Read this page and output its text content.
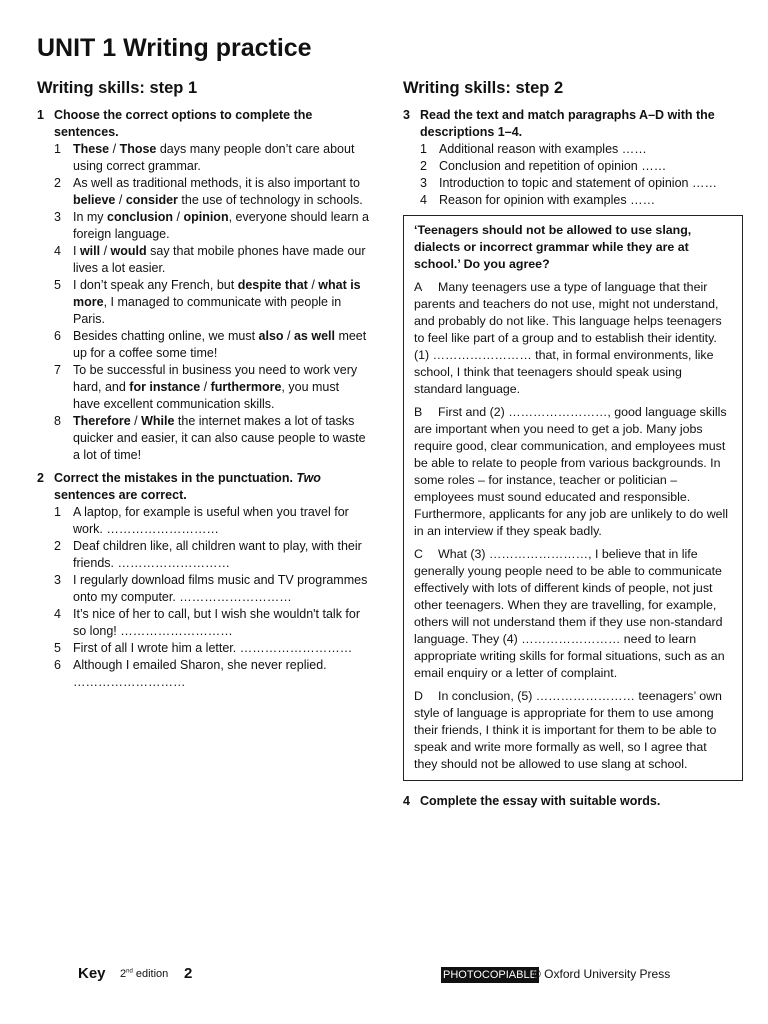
UNIT 1 Writing practice
Writing skills: step 1
1 Choose the correct options to complete the sentences.
1 These / Those days many people don’t care about using correct grammar.
2 As well as traditional methods, it is also important to believe / consider the use of technology in schools.
3 In my conclusion / opinion, everyone should learn a foreign language.
4 I will / would say that mobile phones have made our lives a lot easier.
5 I don’t speak any French, but despite that / what is more, I managed to communicate with people in Paris.
6 Besides chatting online, we must also / as well meet up for a coffee some time!
7 To be successful in business you need to work very hard, and for instance / furthermore, you must have excellent communication skills.
8 Therefore / While the internet makes a lot of tasks quicker and easier, it can also cause people to waste a lot of time!
2 Correct the mistakes in the punctuation. Two sentences are correct.
1 A laptop, for example is useful when you travel for work. ………………………
2 Deaf children like, all children want to play, with their friends. ………………………
3 I regularly download films music and TV programmes onto my computer. ………………………
4 It’s nice of her to call, but I wish she wouldn't talk for so long! ………………………
5 First of all I wrote him a letter. ………………………
6 Although I emailed Sharon, she never replied. ………………………
Writing skills: step 2
3 Read the text and match paragraphs A–D with the descriptions 1–4.
1 Additional reason with examples ……
2 Conclusion and repetition of opinion ……
3 Introduction to topic and statement of opinion ……
4 Reason for opinion with examples ……
‘Teenagers should not be allowed to use slang, dialects or incorrect grammar while they are at school.’ Do you agree?

A Many teenagers use a type of language that their parents and teachers do not use, might not understand, and probably do not like. This language helps teenagers to feel like part of a group and to establish their identity. (1) …………………… that, in formal environments, like school, I think that teenagers should speak using standard language.

B First and (2) ……………………, good language skills are important when you need to get a job. Many jobs require good, clear communication, and employees must be able to relate to people from various backgrounds. In some roles – for instance, teacher or politician – employees must sound educated and responsible. Furthermore, applicants for any job are unlikely to do well in an interview if they speak badly.

C What (3) ……………………, I believe that in life generally young people need to be able to communicate effectively with lots of different kinds of people, not just other teenagers. When they are travelling, for example, others will not understand them if they use non-standard language. They (4) …………………… need to learn appropriate writing skills for formal situations, such as an email enquiry or a letter of complaint.

D In conclusion, (5) …………………… teenagers’ own style of language is appropriate for them to use among their friends, I think it is important for them to be able to speak and write more formally as well, so I agree that they should not be allowed to use slang at school.

4 Complete the essay with suitable words.
Key 2nd edition 2	PHOTOCOPIABLE
© Oxford University Press
